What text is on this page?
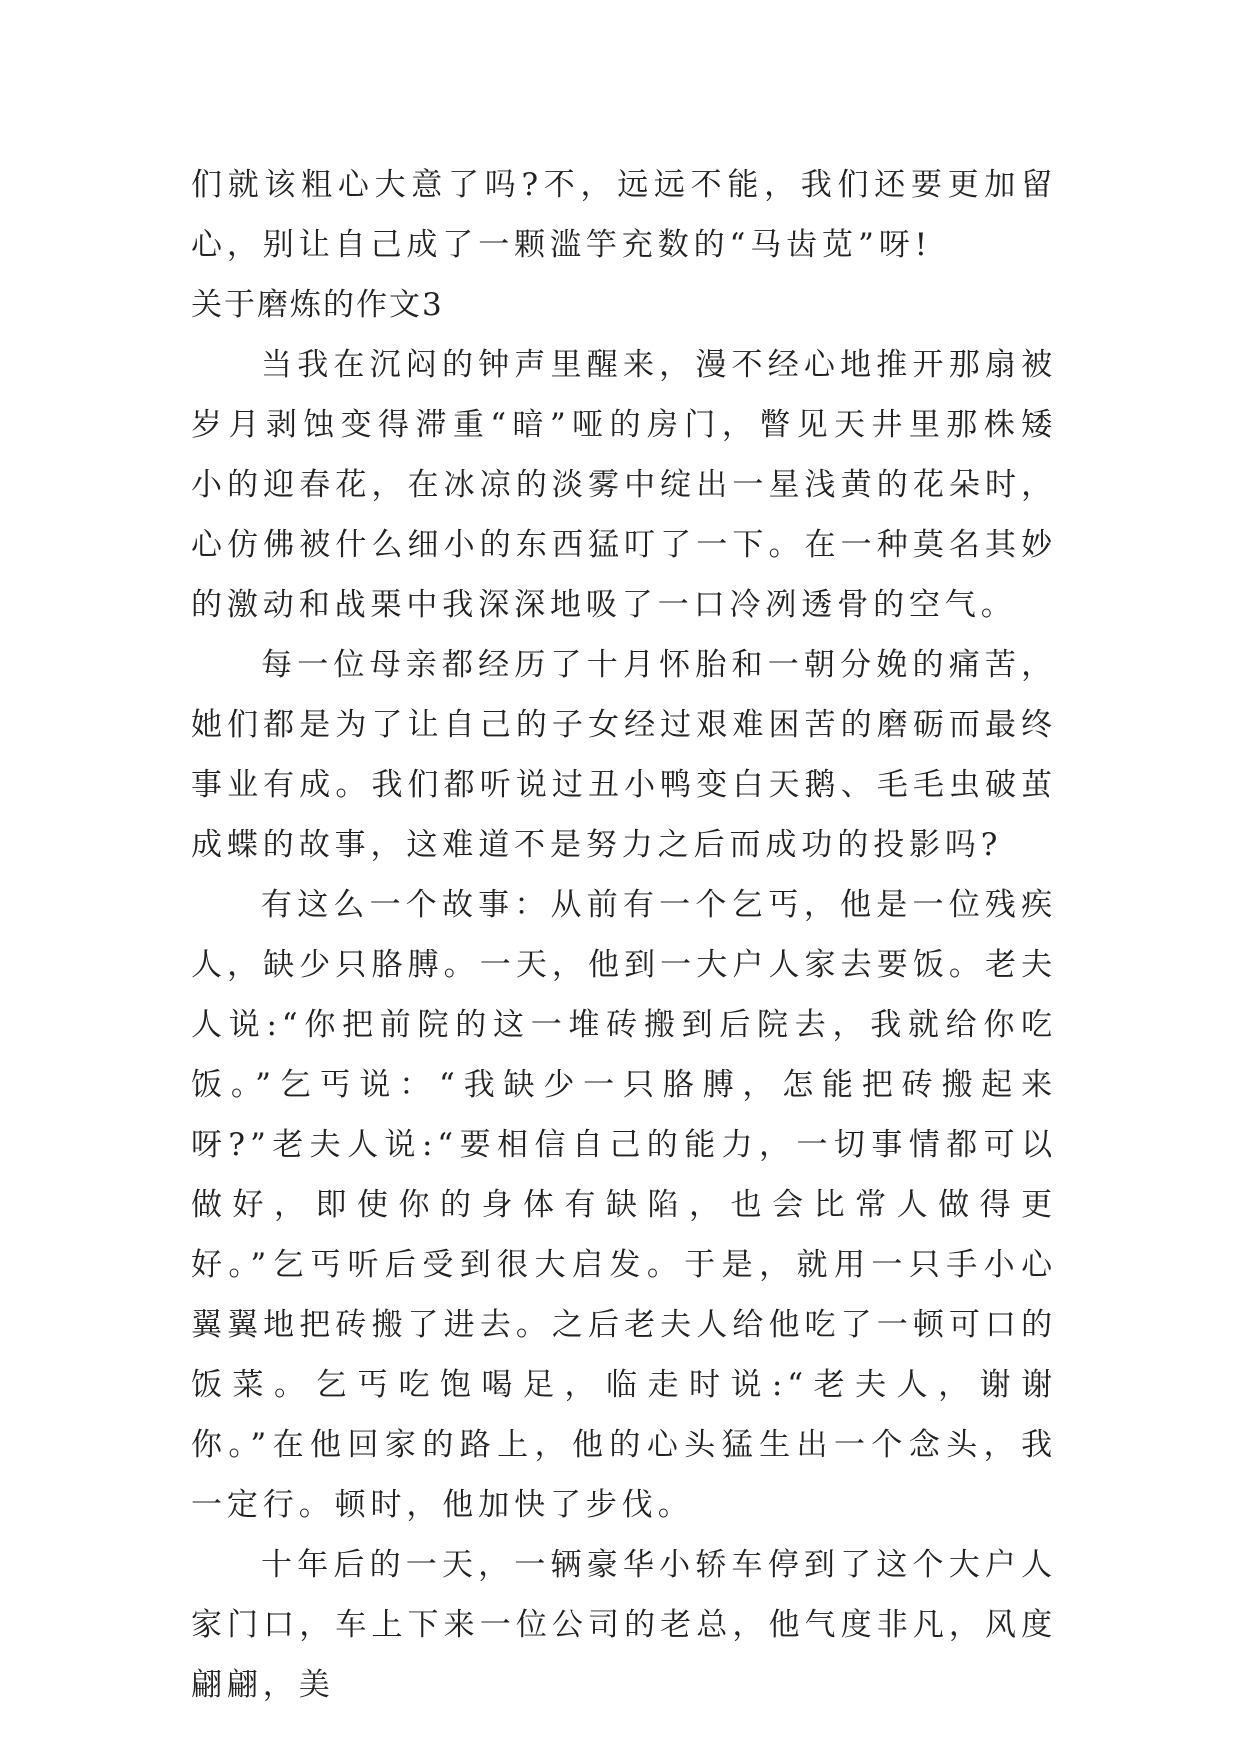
们就该粗心大意了吗?不，远远不能，我们还要更加留心，别让自己成了一颗滥竽充数的“马齿苋”呀!

关于磨炼的作文3

当我在沉闷的钟声里醒来，漫不经心地推开那扇被岁月剥蚀变得滞重“暗”哑的房门，瞥见天井里那株矮小的迎春花，在冰凉的淡雾中绽出一星浅黄的花朵时，心仿佛被什么细小的东西猛叮了一下。在一种莫名其妙的激动和战栗中我深深地吸了一口冷冽透骨的空气。

每一位母亲都经历了十月怀胎和一朝分娩的痛苦，她们都是为了让自己的子女经过艰难困苦的磨砺而最终事业有成。我们都听说过丑小鸭变白天鹅、毛毛虫破茧成蝶的故事，这难道不是努力之后而成功的投影吗?

有这么一个故事：从前有一个乞丐，他是一位残疾人，缺少只胳膊。一天，他到一大户人家去要饭。老夫人说:“你把前院的这一堆砖搬到后院去，我就给你吃饭。”乞丐说：“我缺少一只胳膊，怎能把砖搬起来呀?”老夫人说:“要相信自己的能力，一切事情都可以做好，即使你的身体有缺陷，也会比常人做得更好。”乞丐听后受到很大启发。于是，就用一只手小心翼翼地把砖搬了进去。之后老夫人给他吃了一顿可口的饭菜。乞丐吃饱喝足，临走时说:“老夫人，谢谢你。”在他回家的路上，他的心头猛生出一个念头，我一定行。顿时，他加快了步伐。

十年后的一天，一辆豪华小轿车停到了这个大户人家门口，车上下来一位公司的老总，他气度非凡，风度翩翩，美
